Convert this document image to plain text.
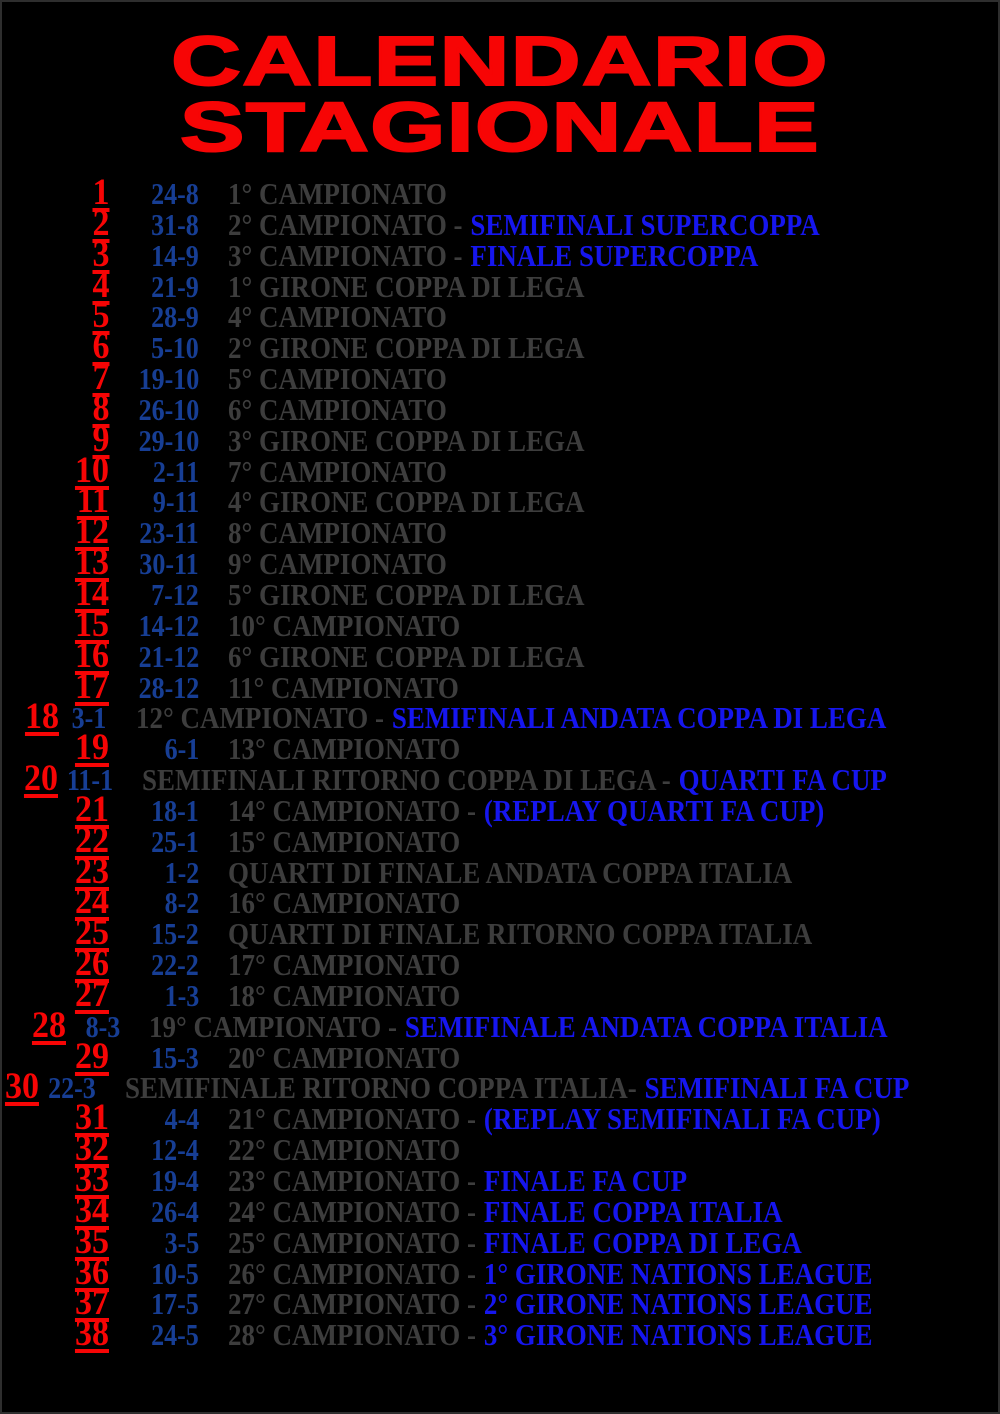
CALENDARIO
STAGIONALE
1	24-8 1° CAMPIONATO
2	31-8 2° CAMPIONATO - SEMIFINALI SUPERCOPPA
3	14-9 3° CAMPIONATO - FINALE SUPERCOPPA
4	21-9 1° GIRONE COPPA DI LEGA
5	28-9 4° CAMPIONATO
6	5-10 2° GIRONE COPPA DI LEGA
7 19-10 5° CAMPIONATO
8 26-10 6° CAMPIONATO
9 29-10 3° GIRONE COPPA DI LEGA
10	2-11 7° CAMPIONATO
11	9-11 4° GIRONE COPPA DI LEGA
12 23-11 8° CAMPIONATO
13 30-11 9° CAMPIONATO
14	7-12 5° GIRONE COPPA DI LEGA
15 14-12 10° CAMPIONATO
16 21-12 6° GIRONE COPPA DI LEGA
17 28-12 11° CAMPIONATO
18 3-1 12° CAMPIONATO - SEMIFINALI ANDATA COPPA DI LEGA
19	6-1 13° CAMPIONATO
20 11-1 SEMIFINALI RITORNO COPPA DI LEGA - QUARTI FA CUP
21	18-1 14° CAMPIONATO - (REPLAY QUARTI FA CUP)
22	25-1 15° CAMPIONATO
23	1-2 QUARTI DI FINALE ANDATA COPPA ITALIA
24	8-2 16° CAMPIONATO
25	15-2 QUARTI DI FINALE RITORNO COPPA ITALIA
26	22-2 17° CAMPIONATO
27	1-3 18° CAMPIONATO
28 8-3 19° CAMPIONATO - SEMIFINALE ANDATA COPPA ITALIA
29	15-3 20° CAMPIONATO
30 22-3 SEMIFINALE RITORNO COPPA ITALIA- SEMIFINALI FA CUP
31	4-4 21° CAMPIONATO - (REPLAY SEMIFINALI FA CUP)
32	12-4 22° CAMPIONATO
33	19-4 23° CAMPIONATO - FINALE FA CUP
34	26-4 24° CAMPIONATO - FINALE COPPA ITALIA
35	3-5 25° CAMPIONATO - FINALE COPPA DI LEGA
36	10-5 26° CAMPIONATO - 1° GIRONE NATIONS LEAGUE
37	17-5 27° CAMPIONATO - 2° GIRONE NATIONS LEAGUE
38	24-5 28° CAMPIONATO - 3° GIRONE NATIONS LEAGUE
